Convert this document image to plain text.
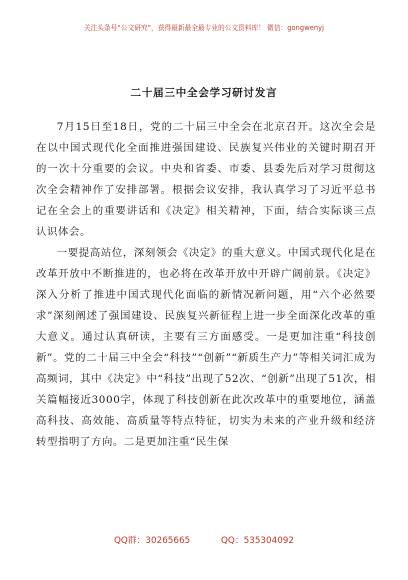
关注头条号“公文研究”，获得最新最全最专业的公文资料库！ 微信：gongwenyj
二十届三中全会学习研讨发言

7月15日至18日，党的二十届三中全会在北京召开。这次全会是在以中国式现代化全面推进强国建设、民族复兴伟业的关键时期召开的一次十分重要的会议。中央和省委、市委、县委先后对学习贯彻这次全会精神作了安排部署。根据会议安排，我认真学习了习近平总书记在全会上的重要讲话和《决定》相关精神，下面，结合实际谈三点认识体会。

一要提高站位，深刻领会《决定》的重大意义。中国式现代化是在改革开放中不断推进的，也必将在改革开放中开辟广阔前景。《决定》深入分析了推进中国式现代化面临的新情况新问题，用“六个必然要求”深刻阐述了强国建设、民族复兴新征程上进一步全面深化改革的重大意义。通过认真研读，主要有三方面感受。一是更加注重“科技创新”。党的二十届三中全会“科技”“创新”“新质生产力”等相关词汇成为高频词，其中《决定》中“科技”出现了52次、“创新”出现了51次，相关篇幅接近3000字，体现了科技创新在此次改革中的重要地位，涵盖高科技、高效能、高质量等特点特征，切实为未来的产业升级和经济转型指明了方向。二是更加注重“民生保

QQ群：30265665	QQ：535304092
